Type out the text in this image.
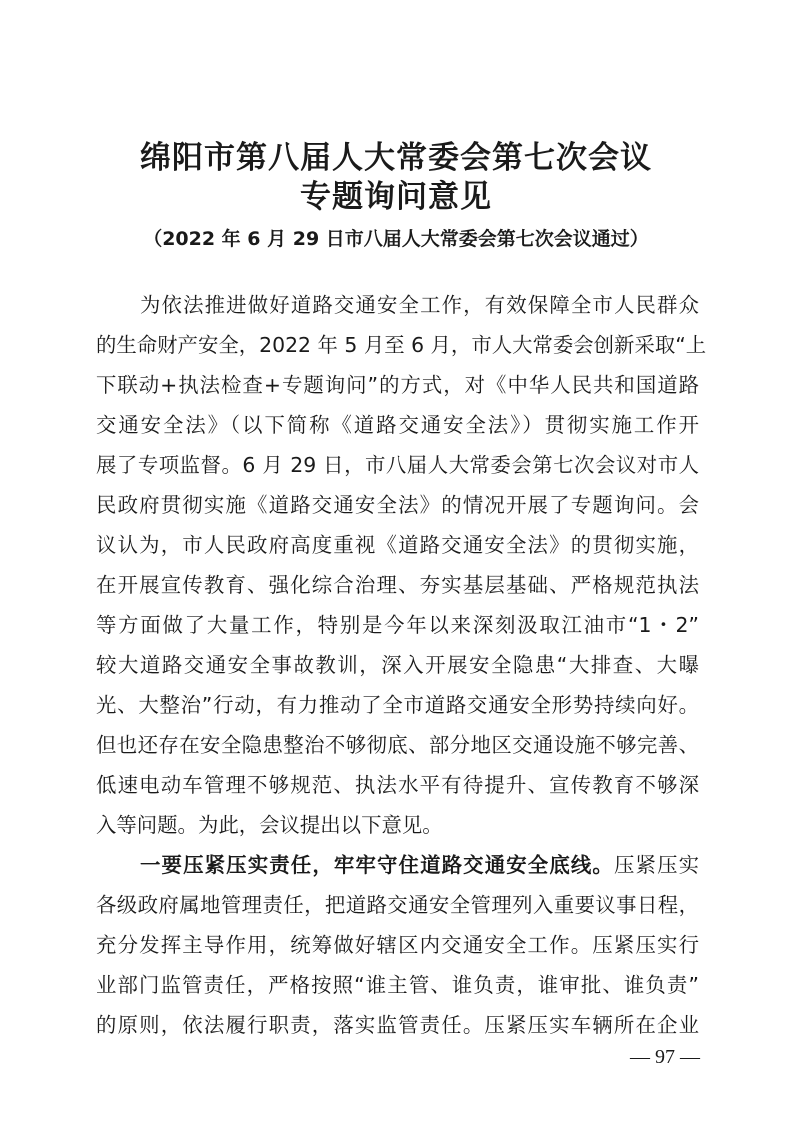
绵阳市第八届人大常委会第七次会议
专题询问意见
（2022 年 6 月 29 日市八届人大常委会第七次会议通过）
为依法推进做好道路交通安全工作，有效保障全市人民群众
的生命财产安全，2022 年 5 月至 6 月，市人大常委会创新采取“上
下联动+执法检查+专题询问”的方式，对《中华人民共和国道路
交通安全法》（以下简称《道路交通安全法》）贯彻实施工作开
展了专项监督。6 月 29 日，市八届人大常委会第七次会议对市人
民政府贯彻实施《道路交通安全法》的情况开展了专题询问。会
议认为，市人民政府高度重视《道路交通安全法》的贯彻实施，
在开展宣传教育、强化综合治理、夯实基层基础、严格规范执法
等方面做了大量工作，特别是今年以来深刻汲取江油市“1・2”
较大道路交通安全事故教训，深入开展安全隐患“大排查、大曝
光、大整治”行动，有力推动了全市道路交通安全形势持续向好。
但也还存在安全隐患整治不够彻底、部分地区交通设施不够完善、
低速电动车管理不够规范、执法水平有待提升、宣传教育不够深
入等问题。为此，会议提出以下意见。
一要压紧压实责任，牢牢守住道路交通安全底线。压紧压实
各级政府属地管理责任，把道路交通安全管理列入重要议事日程，
充分发挥主导作用，统筹做好辖区内交通安全工作。压紧压实行
业部门监管责任，严格按照“谁主管、谁负责，谁审批、谁负责”
的原则，依法履行职责，落实监管责任。压紧压实车辆所在企业
— 97 —
